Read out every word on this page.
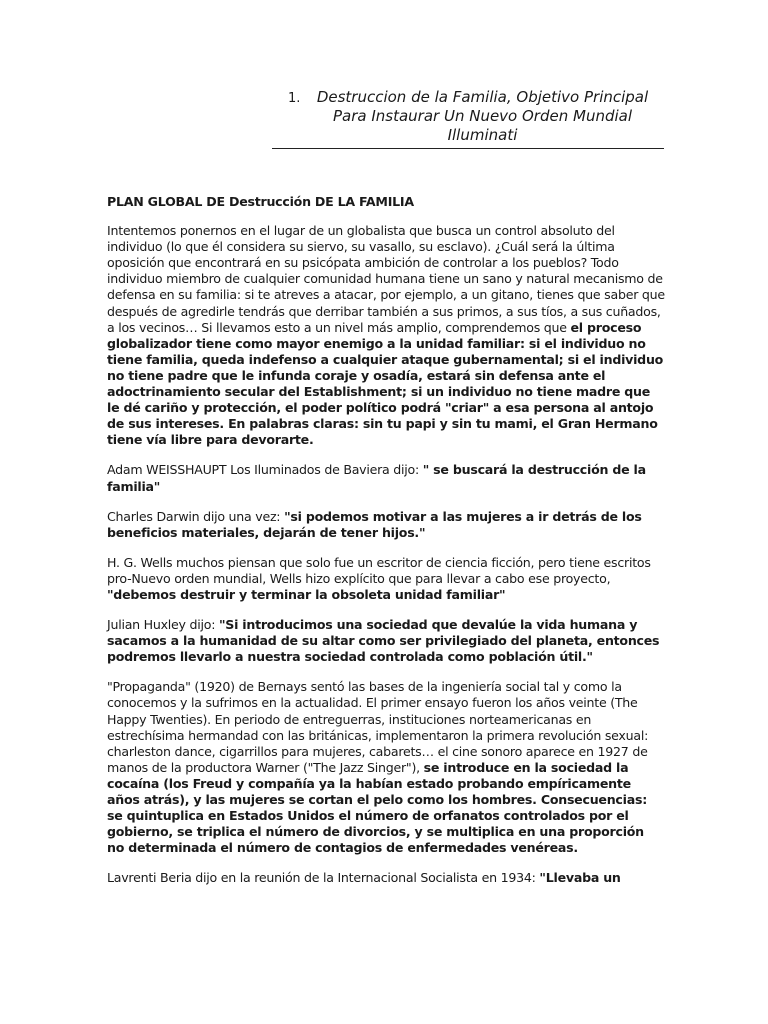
1.	Destruccion de la Familia, Objetivo Principal
Para Instaurar Un Nuevo Orden Mundial
Illuminati

PLAN GLOBAL DE Destrucción DE LA FAMILIA

Intentemos ponernos en el lugar de un globalista que busca un control absoluto del individuo (lo que él considera su siervo, su vasallo, su esclavo). ¿Cuál será la última oposición que encontrará en su psicópata ambición de controlar a los pueblos? Todo individuo miembro de cualquier comunidad humana tiene un sano y natural mecanismo de defensa en su familia: si te atreves a atacar, por ejemplo, a un gitano, tienes que saber que después de agredirle tendrás que derribar también a sus primos, a sus tíos, a sus cuñados, a los vecinos… Si llevamos esto a un nivel más amplio, comprendemos que el proceso globalizador tiene como mayor enemigo a la unidad familiar: si el individuo no tiene familia, queda indefenso a cualquier ataque gubernamental; si el individuo no tiene padre que le infunda coraje y osadía, estará sin defensa ante el adoctrinamiento secular del Establishment; si un individuo no tiene madre que le dé cariño y protección, el poder político podrá "criar" a esa persona al antojo de sus intereses. En palabras claras: sin tu papi y sin tu mami, el Gran Hermano tiene vía libre para devorarte.

Adam WEISSHAUPT Los Iluminados de Baviera dijo: " se buscará la destrucción de la familia"

Charles Darwin dijo una vez: "si podemos motivar a las mujeres a ir detrás de los beneficios materiales, dejarán de tener hijos."

H. G. Wells muchos piensan que solo fue un escritor de ciencia ficción, pero tiene escritos pro-Nuevo orden mundial, Wells hizo explícito que para llevar a cabo ese proyecto, "debemos destruir y terminar la obsoleta unidad familiar"

Julian Huxley dijo: "Si introducimos una sociedad que devalúe la vida humana y sacamos a la humanidad de su altar como ser privilegiado del planeta, entonces podremos llevarlo a nuestra sociedad controlada como población útil."

"Propaganda" (1920) de Bernays sentó las bases de la ingeniería social tal y como la conocemos y la sufrimos en la actualidad. El primer ensayo fueron los años veinte (The Happy Twenties). En periodo de entreguerras, instituciones norteamericanas en estrechísima hermandad con las británicas, implementaron la primera revolución sexual: charleston dance, cigarrillos para mujeres, cabarets… el cine sonoro aparece en 1927 de manos de la productora Warner ("The Jazz Singer"), se introduce en la sociedad la cocaína (los Freud y compañía ya la habían estado probando empíricamente años atrás), y las mujeres se cortan el pelo como los hombres. Consecuencias: se quintuplica en Estados Unidos el número de orfanatos controlados por el gobierno, se triplica el número de divorcios, y se multiplica en una proporción no determinada el número de contagios de enfermedades venéreas.

Lavrenti Beria dijo en la reunión de la Internacional Socialista en 1934: "Llevaba un
